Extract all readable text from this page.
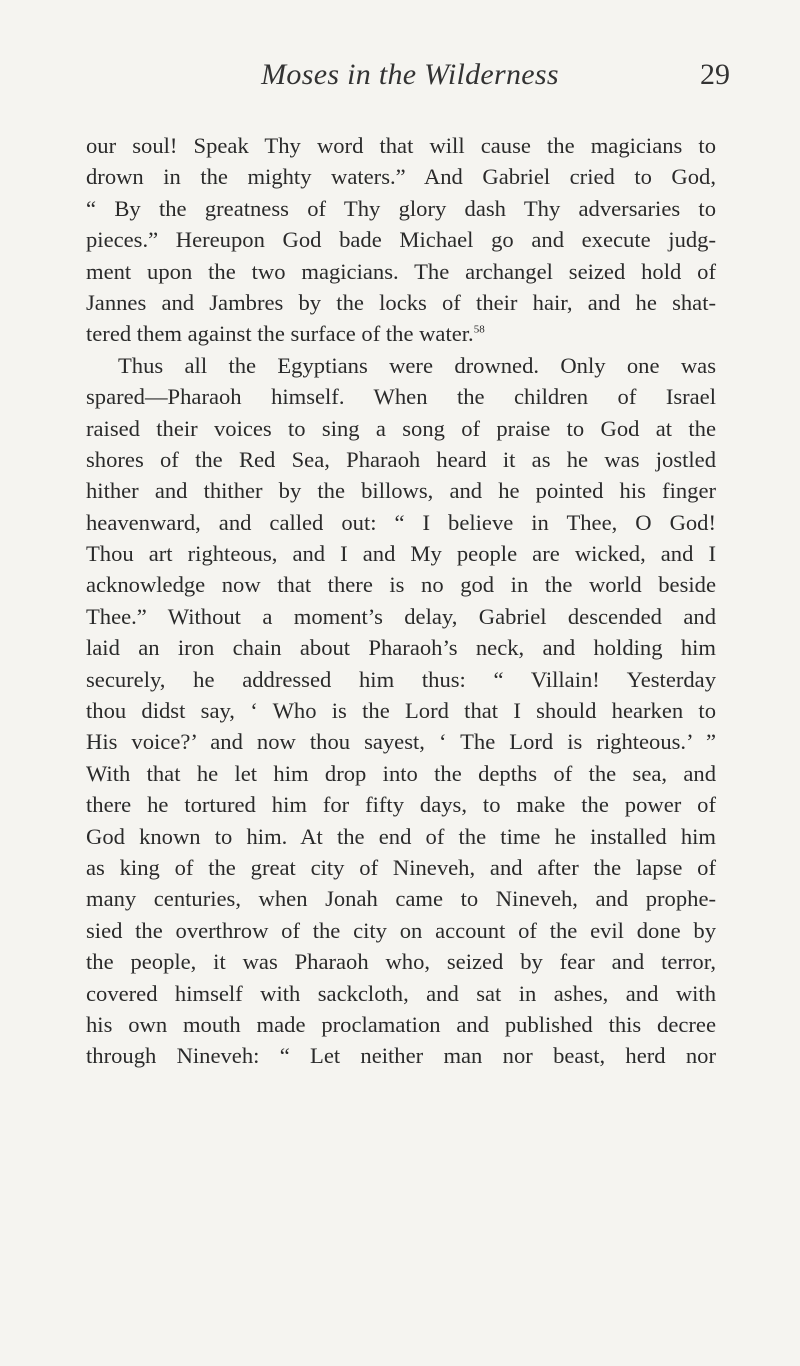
Moses in the Wilderness	29
our soul! Speak Thy word that will cause the magicians to
drown in the mighty waters.” And Gabriel cried to God,
“ By the greatness of Thy glory dash Thy adversaries to
pieces.” Hereupon God bade Michael go and execute judg-
ment upon the two magicians. The archangel seized hold of
Jannes and Jambres by the locks of their hair, and he shat-
tered them against the surface of the water.$^{58}$
Thus all the Egyptians were drowned. Only one was
spared—Pharaoh himself. When the children of Israel
raised their voices to sing a song of praise to God at the
shores of the Red Sea, Pharaoh heard it as he was jostled
hither and thither by the billows, and he pointed his finger
heavenward, and called out: “ I believe in Thee, O God!
Thou art righteous, and I and My people are wicked, and I
acknowledge now that there is no god in the world beside
Thee.” Without a moment’s delay, Gabriel descended and
laid an iron chain about Pharaoh’s neck, and holding him
securely, he addressed him thus: “ Villain! Yesterday
thou didst say, ‘ Who is the Lord that I should hearken to
His voice?’ and now thou sayest, ‘ The Lord is righteous.’ ”
With that he let him drop into the depths of the sea, and
there he tortured him for fifty days, to make the power of
God known to him. At the end of the time he installed him
as king of the great city of Nineveh, and after the lapse of
many centuries, when Jonah came to Nineveh, and prophe-
sied the overthrow of the city on account of the evil done by
the people, it was Pharaoh who, seized by fear and terror,
covered himself with sackcloth, and sat in ashes, and with
his own mouth made proclamation and published this decree
through Nineveh: “ Let neither man nor beast, herd nor
